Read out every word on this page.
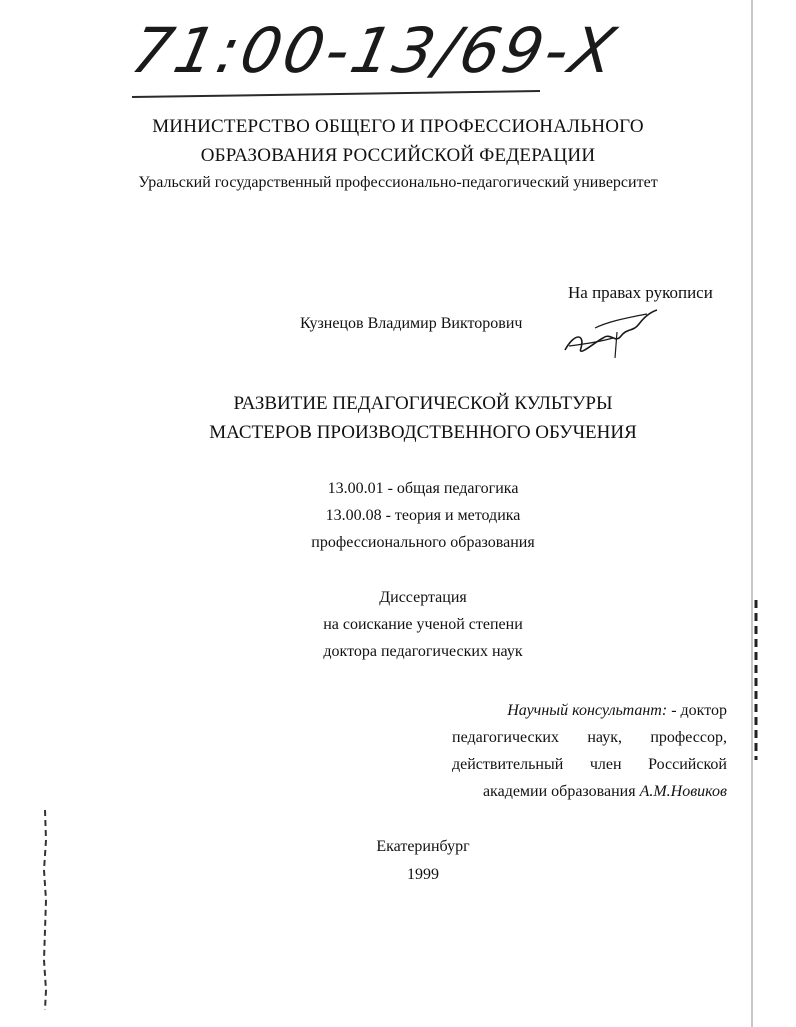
71:00-13/69-Х
МИНИСТЕРСТВО ОБЩЕГО И ПРОФЕССИОНАЛЬНОГО
ОБРАЗОВАНИЯ РОССИЙСКОЙ ФЕДЕРАЦИИ
Уральский государственный профессионально-педагогический университет
На правах рукописи
Кузнецов Владимир Викторович
РАЗВИТИЕ ПЕДАГОГИЧЕСКОЙ КУЛЬТУРЫ
МАСТЕРОВ ПРОИЗВОДСТВЕННОГО ОБУЧЕНИЯ
13.00.01 - общая педагогика
13.00.08 - теория и методика
профессионального образования
Диссертация
на соискание ученой степени
доктора педагогических наук
Научный консультант: - доктор
педагогических наук, профессор,
действительный член Российской
академии образования А.М.Новиков
Екатеринбург
1999
